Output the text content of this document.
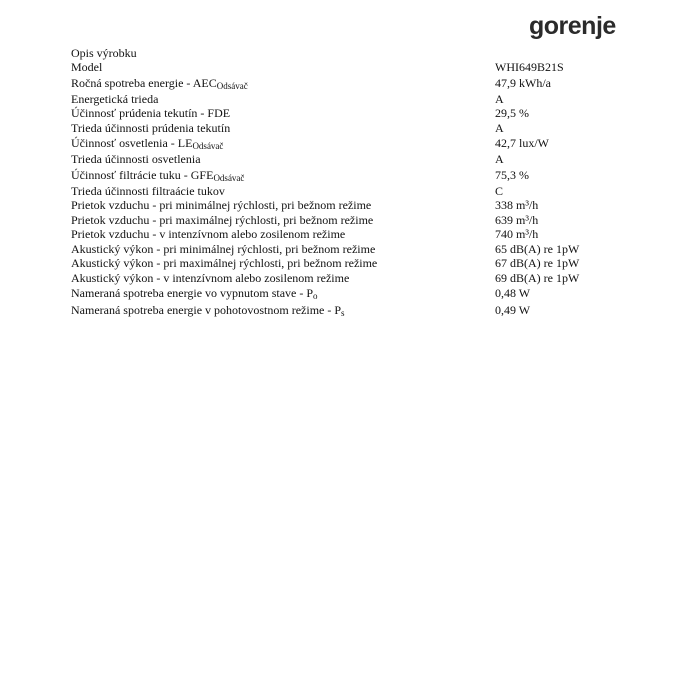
gorenje
Opis výrobku
Model	WHI649B21S
Ročná spotreba energie - $AEC_{Odsávač}$	47,9 kWh/a
Energetická trieda	A
Účinnosť prúdenia tekutín - FDE	29,5 %
Trieda účinnosti prúdenia tekutín	A
Účinnosť osvetlenia - $LE_{Odsávač}$	42,7 lux/W
Trieda účinnosti osvetlenia	A
Účinnosť filtrácie tuku - $GFE_{Odsávač}$	75,3 %
Trieda účinnosti filtraácie tukov	C
Prietok vzduchu - pri minimálnej rýchlosti, pri bežnom režime	338 m³/h
Prietok vzduchu - pri maximálnej rýchlosti, pri bežnom režime	639 m³/h
Prietok vzduchu - v intenzívnom alebo zosilenom režime	740 m³/h
Akustický výkon - pri minimálnej rýchlosti, pri bežnom režime	65 dB(A) re 1pW
Akustický výkon - pri maximálnej rýchlosti, pri bežnom režime	67 dB(A) re 1pW
Akustický výkon - v intenzívnom alebo zosilenom režime	69 dB(A) re 1pW
Nameraná spotreba energie vo vypnutom stave - $P_o$	0,48 W
Nameraná spotreba energie v pohotovostnom režime - $P_s$	0,49 W
